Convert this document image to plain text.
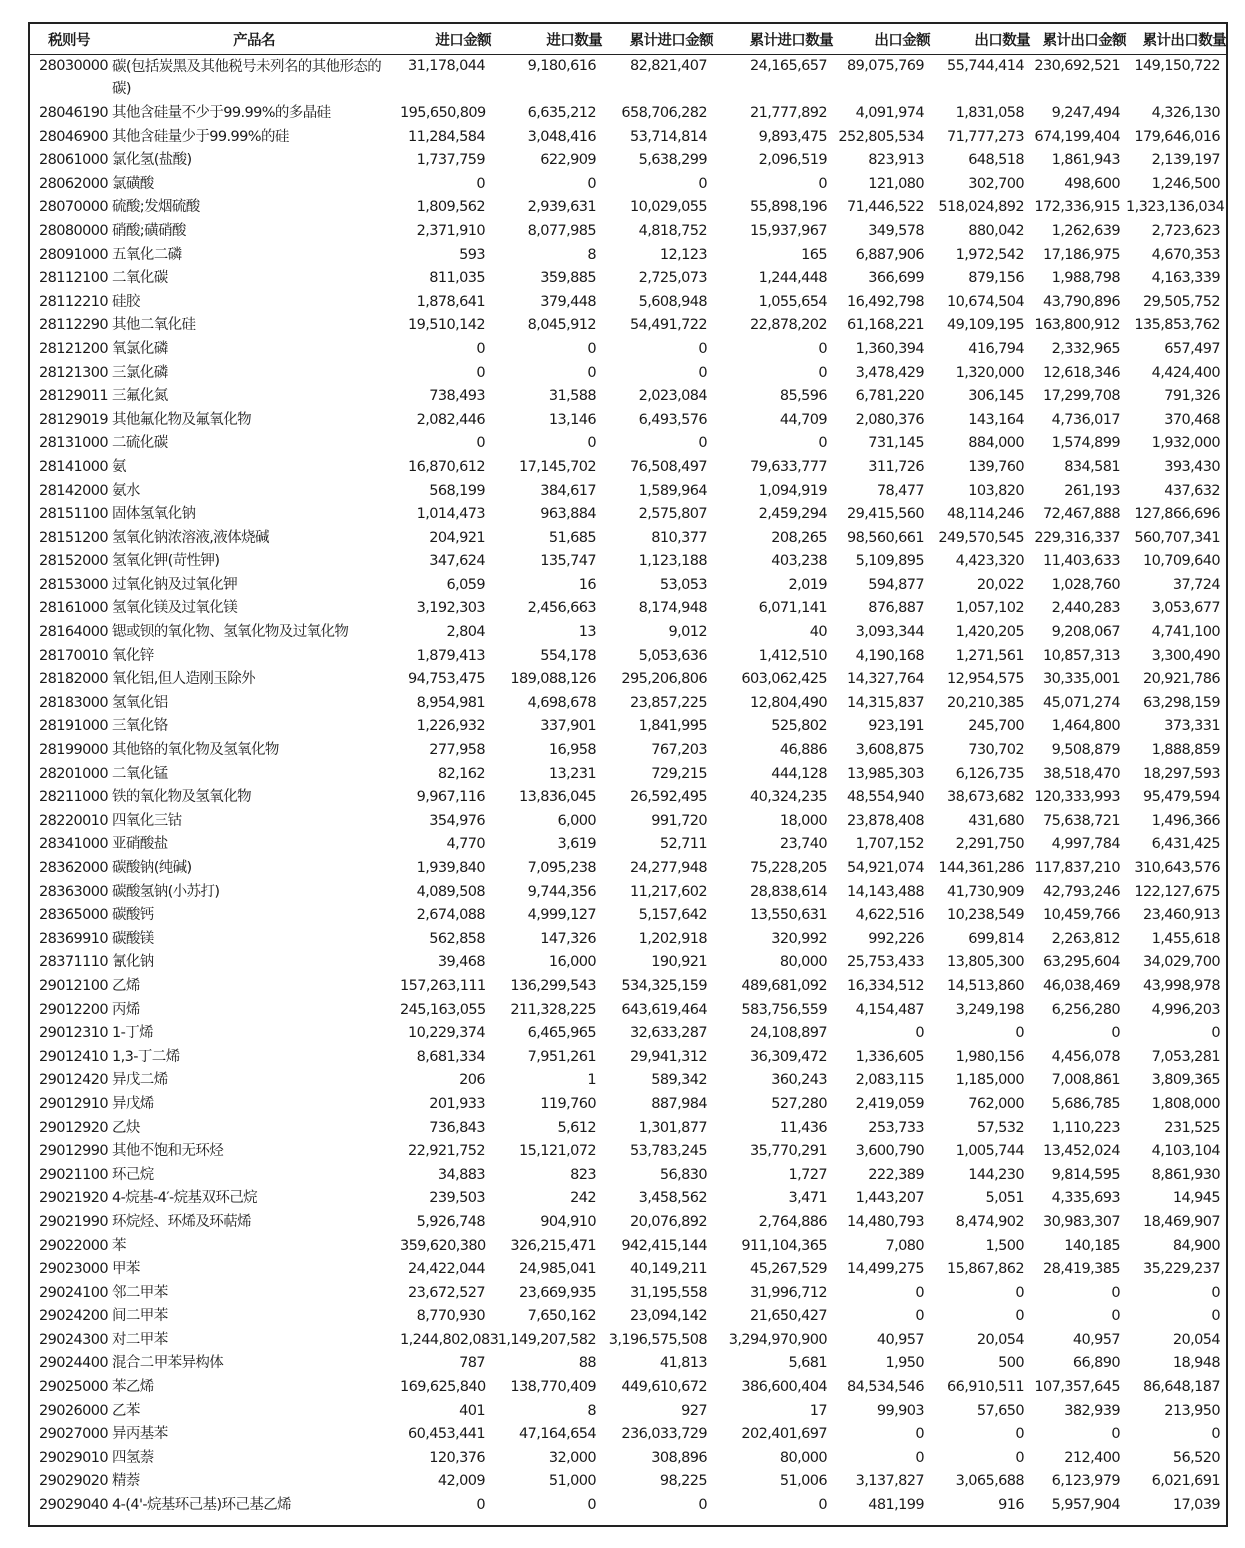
税则号	产品名	进口金额	进口数量	累计进口金额	累计进口数量	出口金额	出口数量	累计出口金额	累计出口数量
28030000	碳(包括炭黑及其他税号未列名的其他形态的碳)	31,178,044	9,180,616	82,821,407	24,165,657	89,075,769	55,744,414	230,692,521	149,150,722
28046190	其他含硅量不少于99.99%的多晶硅	195,650,809	6,635,212	658,706,282	21,777,892	4,091,974	1,831,058	9,247,494	4,326,130
28046900	其他含硅量少于99.99%的硅	11,284,584	3,048,416	53,714,814	9,893,475	252,805,534	71,777,273	674,199,404	179,646,016
28061000	氯化氢(盐酸)	1,737,759	622,909	5,638,299	2,096,519	823,913	648,518	1,861,943	2,139,197
28062000	氯磺酸	0	0	0	0	121,080	302,700	498,600	1,246,500
28070000	硫酸;发烟硫酸	1,809,562	2,939,631	10,029,055	55,898,196	71,446,522	518,024,892	172,336,915	1,323,136,034
28080000	硝酸;磺硝酸	2,371,910	8,077,985	4,818,752	15,937,967	349,578	880,042	1,262,639	2,723,623
28091000	五氧化二磷	593	8	12,123	165	6,887,906	1,972,542	17,186,975	4,670,353
28112100	二氧化碳	811,035	359,885	2,725,073	1,244,448	366,699	879,156	1,988,798	4,163,339
28112210	硅胶	1,878,641	379,448	5,608,948	1,055,654	16,492,798	10,674,504	43,790,896	29,505,752
28112290	其他二氧化硅	19,510,142	8,045,912	54,491,722	22,878,202	61,168,221	49,109,195	163,800,912	135,853,762
28121200	氧氯化磷	0	0	0	0	1,360,394	416,794	2,332,965	657,497
28121300	三氯化磷	0	0	0	0	3,478,429	1,320,000	12,618,346	4,424,400
28129011	三氟化氮	738,493	31,588	2,023,084	85,596	6,781,220	306,145	17,299,708	791,326
28129019	其他氟化物及氟氧化物	2,082,446	13,146	6,493,576	44,709	2,080,376	143,164	4,736,017	370,468
28131000	二硫化碳	0	0	0	0	731,145	884,000	1,574,899	1,932,000
28141000	氨	16,870,612	17,145,702	76,508,497	79,633,777	311,726	139,760	834,581	393,430
28142000	氨水	568,199	384,617	1,589,964	1,094,919	78,477	103,820	261,193	437,632
28151100	固体氢氧化钠	1,014,473	963,884	2,575,807	2,459,294	29,415,560	48,114,246	72,467,888	127,866,696
28151200	氢氧化钠浓溶液,液体烧碱	204,921	51,685	810,377	208,265	98,560,661	249,570,545	229,316,337	560,707,341
28152000	氢氧化钾(苛性钾)	347,624	135,747	1,123,188	403,238	5,109,895	4,423,320	11,403,633	10,709,640
28153000	过氧化钠及过氧化钾	6,059	16	53,053	2,019	594,877	20,022	1,028,760	37,724
28161000	氢氧化镁及过氧化镁	3,192,303	2,456,663	8,174,948	6,071,141	876,887	1,057,102	2,440,283	3,053,677
28164000	锶或钡的氧化物、氢氧化物及过氧化物	2,804	13	9,012	40	3,093,344	1,420,205	9,208,067	4,741,100
28170010	氧化锌	1,879,413	554,178	5,053,636	1,412,510	4,190,168	1,271,561	10,857,313	3,300,490
28182000	氧化铝,但人造刚玉除外	94,753,475	189,088,126	295,206,806	603,062,425	14,327,764	12,954,575	30,335,001	20,921,786
28183000	氢氧化铝	8,954,981	4,698,678	23,857,225	12,804,490	14,315,837	20,210,385	45,071,274	63,298,159
28191000	三氧化铬	1,226,932	337,901	1,841,995	525,802	923,191	245,700	1,464,800	373,331
28199000	其他铬的氧化物及氢氧化物	277,958	16,958	767,203	46,886	3,608,875	730,702	9,508,879	1,888,859
28201000	二氧化锰	82,162	13,231	729,215	444,128	13,985,303	6,126,735	38,518,470	18,297,593
28211000	铁的氧化物及氢氧化物	9,967,116	13,836,045	26,592,495	40,324,235	48,554,940	38,673,682	120,333,993	95,479,594
28220010	四氧化三钴	354,976	6,000	991,720	18,000	23,878,408	431,680	75,638,721	1,496,366
28341000	亚硝酸盐	4,770	3,619	52,711	23,740	1,707,152	2,291,750	4,997,784	6,431,425
28362000	碳酸钠(纯碱)	1,939,840	7,095,238	24,277,948	75,228,205	54,921,074	144,361,286	117,837,210	310,643,576
28363000	碳酸氢钠(小苏打)	4,089,508	9,744,356	11,217,602	28,838,614	14,143,488	41,730,909	42,793,246	122,127,675
28365000	碳酸钙	2,674,088	4,999,127	5,157,642	13,550,631	4,622,516	10,238,549	10,459,766	23,460,913
28369910	碳酸镁	562,858	147,326	1,202,918	320,992	992,226	699,814	2,263,812	1,455,618
28371110	氰化钠	39,468	16,000	190,921	80,000	25,753,433	13,805,300	63,295,604	34,029,700
29012100	乙烯	157,263,111	136,299,543	534,325,159	489,681,092	16,334,512	14,513,860	46,038,469	43,998,978
29012200	丙烯	245,163,055	211,328,225	643,619,464	583,756,559	4,154,487	3,249,198	6,256,280	4,996,203
29012310	1-丁烯	10,229,374	6,465,965	32,633,287	24,108,897	0	0	0	0
29012410	1,3-丁二烯	8,681,334	7,951,261	29,941,312	36,309,472	1,336,605	1,980,156	4,456,078	7,053,281
29012420	异戊二烯	206	1	589,342	360,243	2,083,115	1,185,000	7,008,861	3,809,365
29012910	异戊烯	201,933	119,760	887,984	527,280	2,419,059	762,000	5,686,785	1,808,000
29012920	乙炔	736,843	5,612	1,301,877	11,436	253,733	57,532	1,110,223	231,525
29012990	其他不饱和无环烃	22,921,752	15,121,072	53,783,245	35,770,291	3,600,790	1,005,744	13,452,024	4,103,104
29021100	环己烷	34,883	823	56,830	1,727	222,389	144,230	9,814,595	8,861,930
29021920	4-烷基-4′-烷基双环己烷	239,503	242	3,458,562	3,471	1,443,207	5,051	4,335,693	14,945
29021990	环烷烃、环烯及环萜烯	5,926,748	904,910	20,076,892	2,764,886	14,480,793	8,474,902	30,983,307	18,469,907
29022000	苯	359,620,380	326,215,471	942,415,144	911,104,365	7,080	1,500	140,185	84,900
29023000	甲苯	24,422,044	24,985,041	40,149,211	45,267,529	14,499,275	15,867,862	28,419,385	35,229,237
29024100	邻二甲苯	23,672,527	23,669,935	31,195,558	31,996,712	0	0	0	0
29024200	间二甲苯	8,770,930	7,650,162	23,094,142	21,650,427	0	0	0	0
29024300	对二甲苯	1,244,802,083	1,149,207,582	3,196,575,508	3,294,970,900	40,957	20,054	40,957	20,054
29024400	混合二甲苯异构体	787	88	41,813	5,681	1,950	500	66,890	18,948
29025000	苯乙烯	169,625,840	138,770,409	449,610,672	386,600,404	84,534,546	66,910,511	107,357,645	86,648,187
29026000	乙苯	401	8	927	17	99,903	57,650	382,939	213,950
29027000	异丙基苯	60,453,441	47,164,654	236,033,729	202,401,697	0	0	0	0
29029010	四氢萘	120,376	32,000	308,896	80,000	0	0	212,400	56,520
29029020	精萘	42,009	51,000	98,225	51,006	3,137,827	3,065,688	6,123,979	6,021,691
29029040	4-(4'-烷基环己基)环己基乙烯	0	0	0	0	481,199	916	5,957,904	17,039
